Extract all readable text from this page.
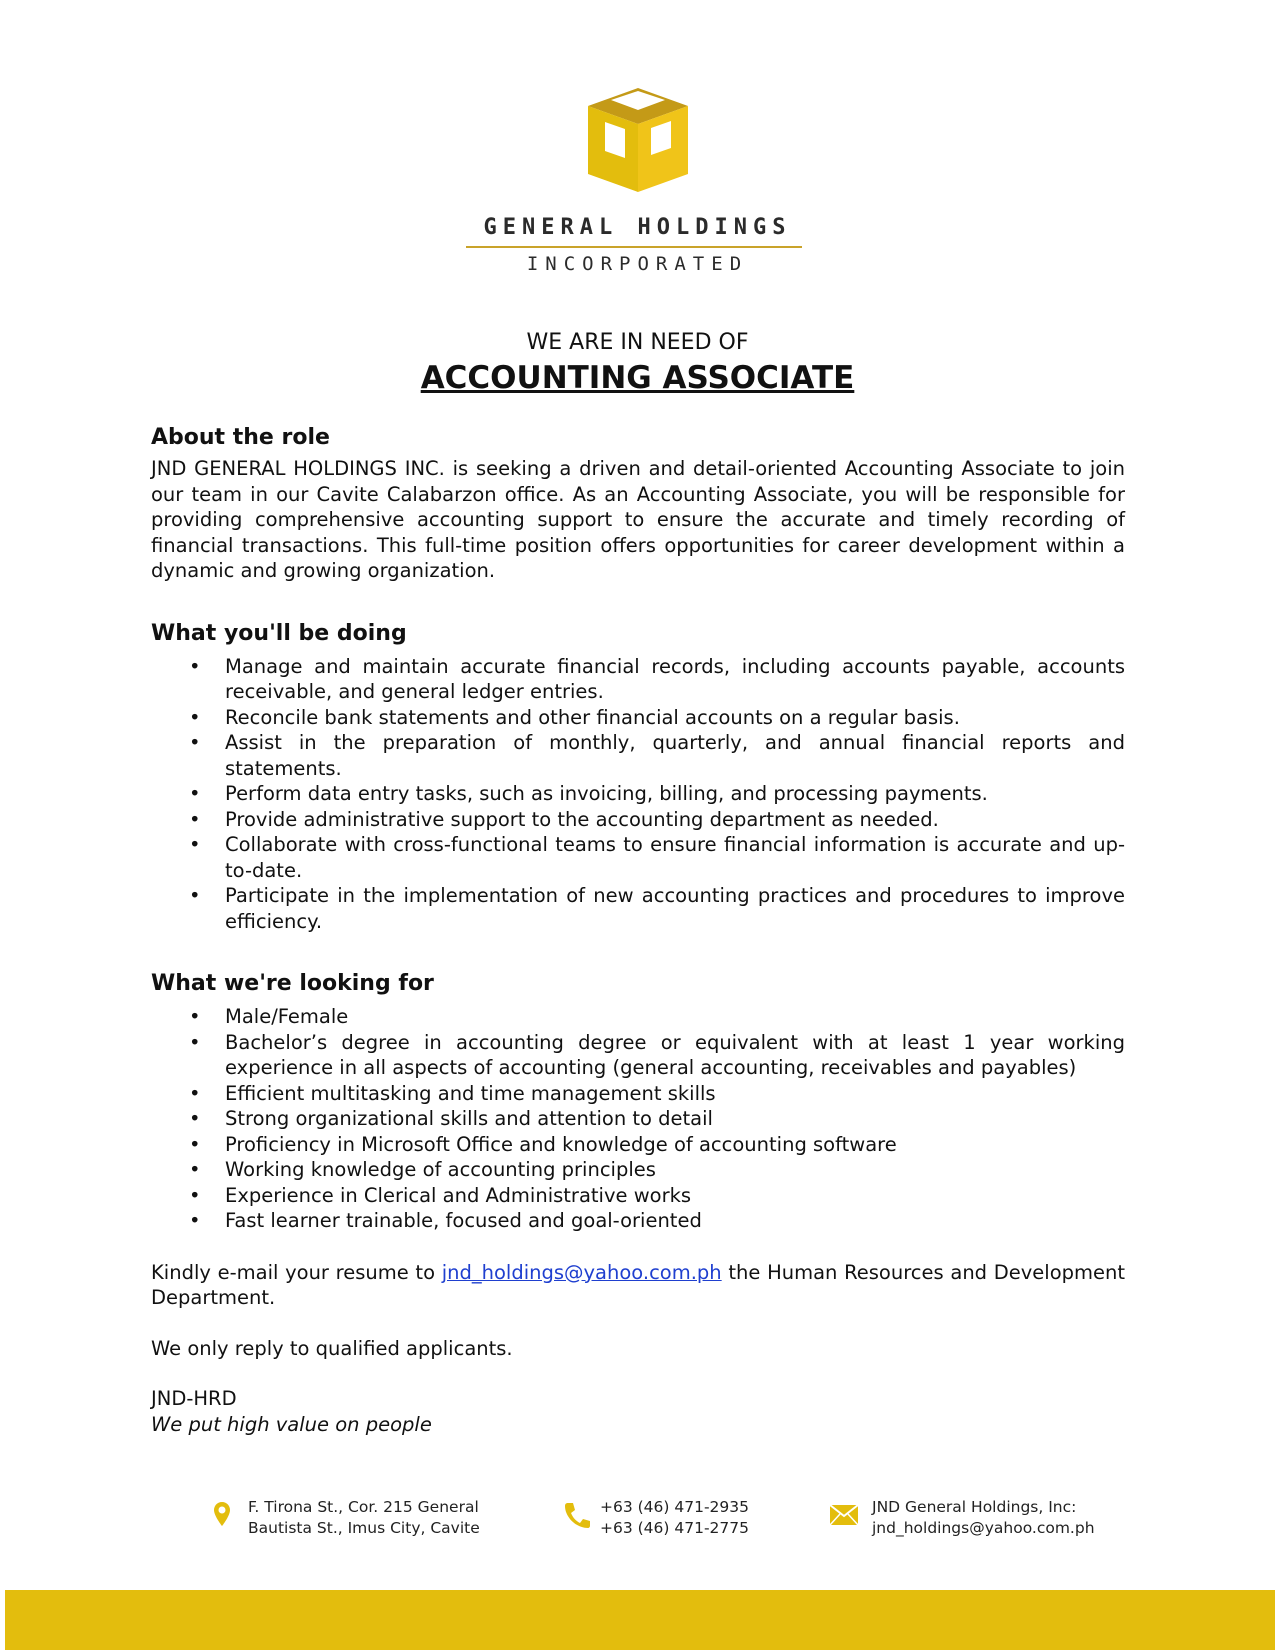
GENERAL HOLDINGS
INCORPORATED
WE ARE IN NEED OF
ACCOUNTING ASSOCIATE
About the role

JND GENERAL HOLDINGS INC. is seeking a driven and detail-oriented Accounting Associate to join our team in our Cavite Calabarzon office. As an Accounting Associate, you will be responsible for providing comprehensive accounting support to ensure the accurate and timely recording of financial transactions. This full-time position offers opportunities for career development within a dynamic and growing organization.

What you'll be doing
• Manage and maintain accurate financial records, including accounts payable, accounts receivable, and general ledger entries.
• Reconcile bank statements and other financial accounts on a regular basis.
• Assist in the preparation of monthly, quarterly, and annual financial reports and statements.
• Perform data entry tasks, such as invoicing, billing, and processing payments.
• Provide administrative support to the accounting department as needed.
• Collaborate with cross-functional teams to ensure financial information is accurate and up-to-date.
• Participate in the implementation of new accounting practices and procedures to improve efficiency.
What we're looking for
• Male/Female
• Bachelor’s degree in accounting degree or equivalent with at least 1 year working experience in all aspects of accounting (general accounting, receivables and payables)
• Efficient multitasking and time management skills
• Strong organizational skills and attention to detail
• Proficiency in Microsoft Office and knowledge of accounting software
• Working knowledge of accounting principles
• Experience in Clerical and Administrative works
• Fast learner trainable, focused and goal-oriented

Kindly e-mail your resume to jnd_holdings@yahoo.com.ph the Human Resources and Development Department.

We only reply to qualified applicants.

JND-HRD

We put high value on people

F. Tirona St., Cor. 215 General
Bautista St., Imus City, Cavite
+63 (46) 471-2935
+63 (46) 471-2775
JND General Holdings, Inc:
jnd_holdings@yahoo.com.ph
